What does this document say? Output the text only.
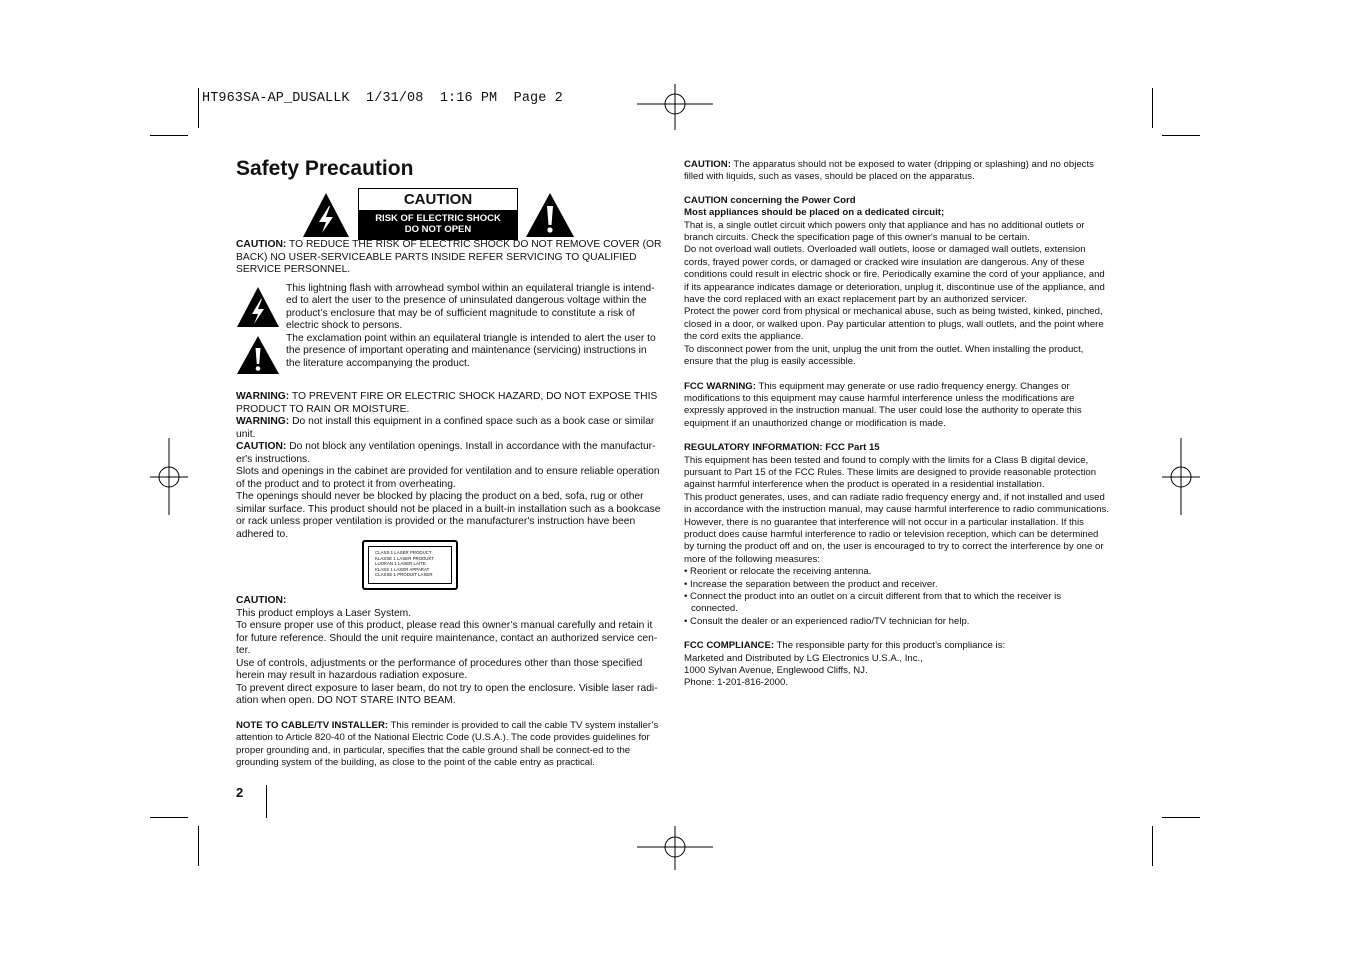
HT963SA-AP_DUSALLK  1/31/08  1:16 PM  Page 2
Safety Precaution
CAUTION
RISK OF ELECTRIC SHOCK
DO NOT OPEN

CAUTION: TO REDUCE THE RISK OF ELECTRIC SHOCK DO NOT REMOVE COVER (OR BACK) NO USER-SERVICEABLE PARTS INSIDE REFER SERVICING TO QUALIFIED SERVICE PERSONNEL.

This lightning flash with arrowhead symbol within an equilateral triangle is intend-ed to alert the user to the presence of uninsulated dangerous voltage within the product’s enclosure that may be of sufficient magnitude to constitute a risk of electric shock to persons.

The exclamation point within an equilateral triangle is intended to alert the user to the presence of important operating and maintenance (servicing) instructions in the literature accompanying the product.

WARNING: TO PREVENT FIRE OR ELECTRIC SHOCK HAZARD, DO NOT EXPOSE THIS PRODUCT TO RAIN OR MOISTURE.

WARNING: Do not install this equipment in a confined space such as a book case or similar unit.

CAUTION: Do not block any ventilation openings. Install in accordance with the manufactur-er's instructions.

Slots and openings in the cabinet are provided for ventilation and to ensure reliable operation of the product and to protect it from overheating.

The openings should never be blocked by placing the product on a bed, sofa, rug or other similar surface. This product should not be placed in a built-in installation such as a bookcase or rack unless proper ventilation is provided or the manufacturer's instruction have been adhered to.

CLASS 1 LASER PRODUCT
KLASSE 1 LASER PRODUKT
LUOKAN 1 LASER LAITE
KLASS 1 LASER APPARAT
CLASSE 1 PRODUIT LASER

CAUTION:

This product employs a Laser System.

To ensure proper use of this product, please read this owner’s manual carefully and retain it for future reference. Should the unit require maintenance, contact an authorized service cen-ter.

Use of controls, adjustments or the performance of procedures other than those specified herein may result in hazardous radiation exposure.

To prevent direct exposure to laser beam, do not try to open the enclosure. Visible laser radi-ation when open. DO NOT STARE INTO BEAM.

NOTE TO CABLE/TV INSTALLER: This reminder is provided to call the cable TV system installer’s attention to Article 820-40 of the National Electric Code (U.S.A.). The code provides guidelines for proper grounding and, in particular, specifies that the cable ground shall be connect-ed to the grounding system of the building, as close to the point of the cable entry as practical.

CAUTION: The apparatus should not be exposed to water (dripping or splashing) and no objects filled with liquids, such as vases, should be placed on the apparatus.

CAUTION concerning the Power Cord

Most appliances should be placed on a dedicated circuit;

That is, a single outlet circuit which powers only that appliance and has no additional outlets or branch circuits. Check the specification page of this owner's manual to be certain.

Do not overload wall outlets. Overloaded wall outlets, loose or damaged wall outlets, extension cords, frayed power cords, or damaged or cracked wire insulation are dangerous. Any of these conditions could result in electric shock or fire. Periodically examine the cord of your appliance, and if its appearance indicates damage or deterioration, unplug it, discontinue use of the appliance, and have the cord replaced with an exact replacement part by an authorized servicer.

Protect the power cord from physical or mechanical abuse, such as being twisted, kinked, pinched, closed in a door, or walked upon. Pay particular attention to plugs, wall outlets, and the point where the cord exits the appliance.

To disconnect power from the unit, unplug the unit from the outlet. When installing the product, ensure that the plug is easily accessible.

FCC WARNING: This equipment may generate or use radio frequency energy. Changes or modifications to this equipment may cause harmful interference unless the modifications are expressly approved in the instruction manual. The user could lose the authority to operate this equipment if an unauthorized change or modification is made.

REGULATORY INFORMATION: FCC Part 15

This equipment has been tested and found to comply with the limits for a Class B digital device, pursuant to Part 15 of the FCC Rules. These limits are designed to provide reasonable protection against harmful interference when the product is operated in a residential installation.

This product generates, uses, and can radiate radio frequency energy and, if not installed and used in accordance with the instruction manual, may cause harmful interference to radio communications. However, there is no guarantee that interference will not occur in a particular installation. If this product does cause harmful interference to radio or television reception, which can be determined by turning the product off and on, the user is encouraged to try to correct the interference by one or more of the following measures:

• Reorient or relocate the receiving antenna.

• Increase the separation between the product and receiver.

• Connect the product into an outlet on a circuit different from that to which the receiver is connected.

• Consult the dealer or an experienced radio/TV technician for help.

FCC COMPLIANCE: The responsible party for this product’s compliance is:

Marketed and Distributed by LG Electronics U.S.A., Inc.,

1000 Sylvan Avenue, Englewood Cliffs, NJ.

Phone: 1-201-816-2000.

2
